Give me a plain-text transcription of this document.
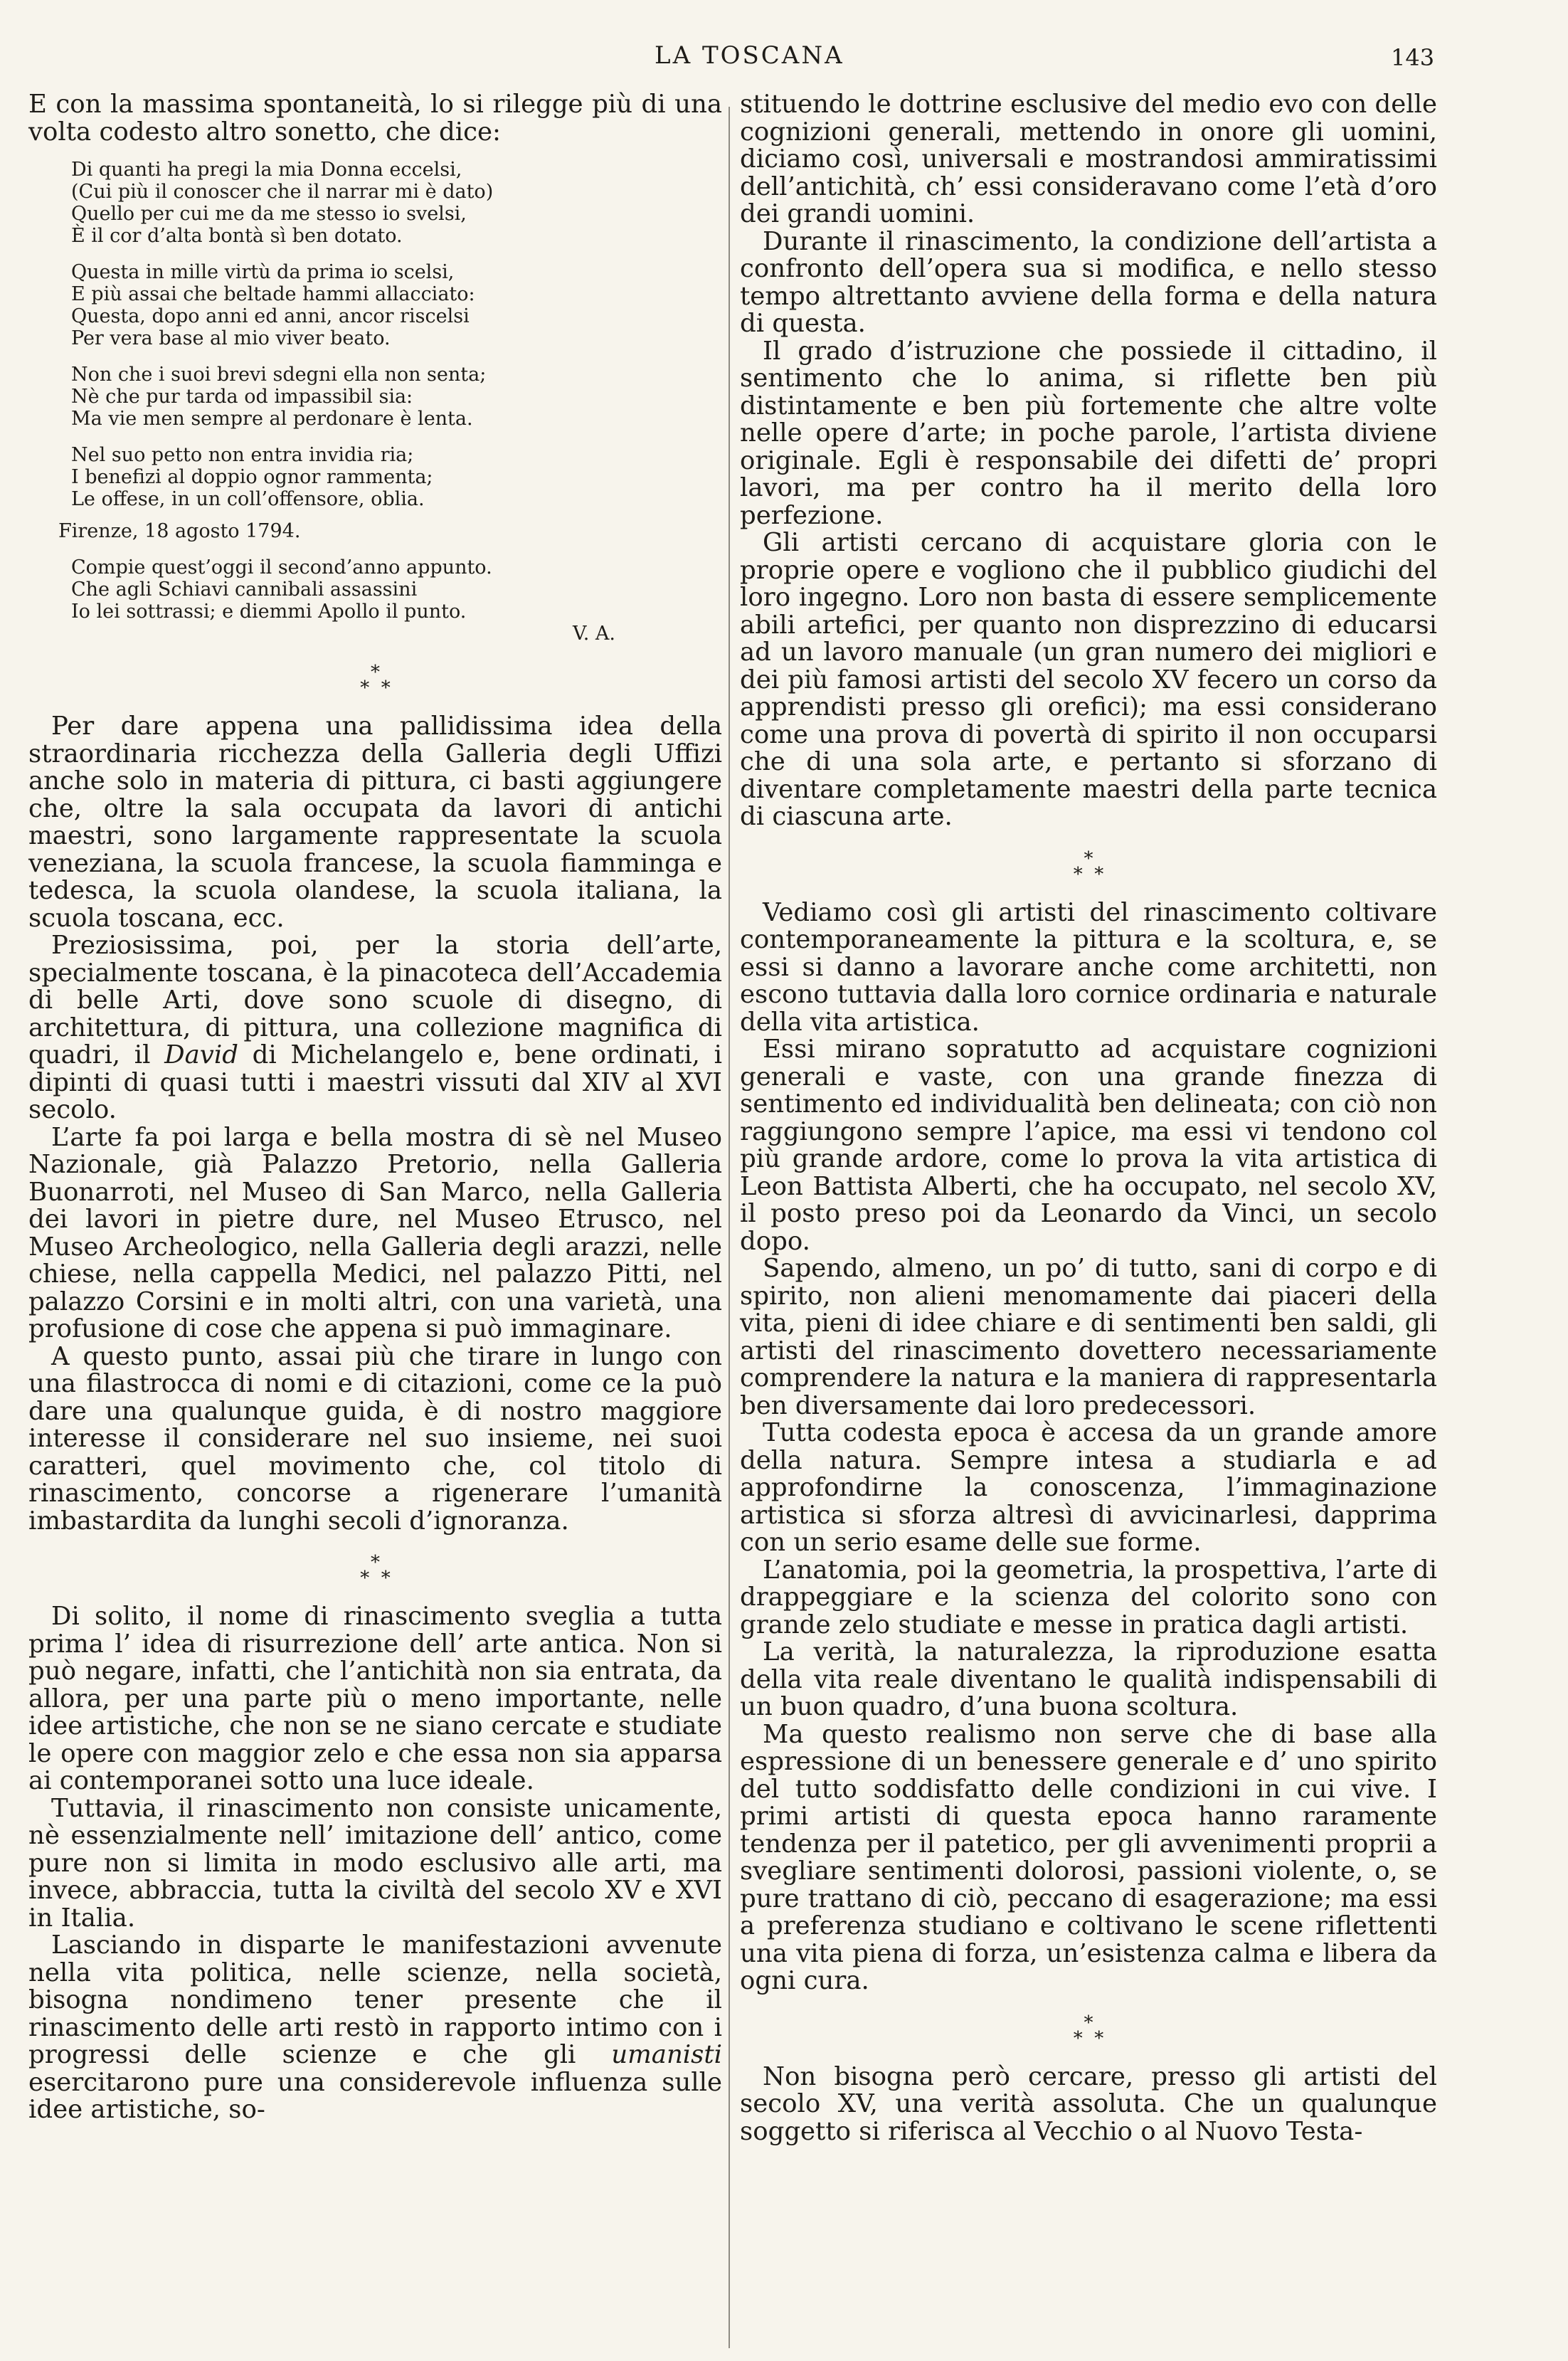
LA TOSCANA	143

E con la massima spontaneità, lo si rilegge più di una volta codesto altro sonetto, che dice:

Di quanti ha pregi la mia Donna eccelsi,
(Cui più il conoscer che il narrar mi è dato)
Quello per cui me da me stesso io svelsi,
È il cor d’alta bontà sì ben dotato.
Questa in mille virtù da prima io scelsi,
E più assai che beltade hammi allacciato:
Questa, dopo anni ed anni, ancor riscelsi
Per vera base al mio viver beato.
Non che i suoi brevi sdegni ella non senta;
Nè che pur tarda od impassibil sia:
Ma vie men sempre al perdonare è lenta.
Nel suo petto non entra invidia ria;
I benefizi al doppio ognor rammenta;
Le offese, in un coll’offensore, oblia.
Firenze, 18 agosto 1794.
Compie quest’oggi il second’anno appunto.
Che agli Schiavi cannibali assassini
Io lei sottrassi; e diemmi Apollo il punto.
V. A.
*
* *

Per dare appena una pallidissima idea della straordinaria ricchezza della Galleria degli Uffizi anche solo in materia di pittura, ci basti aggiungere che, oltre la sala occupata da lavori di antichi maestri, sono largamente rappresentate la scuola veneziana, la scuola francese, la scuola fiamminga e tedesca, la scuola olandese, la scuola italiana, la scuola toscana, ecc.

Preziosissima, poi, per la storia dell’arte, specialmente toscana, è la pinacoteca dell’Accademia di belle Arti, dove sono scuole di disegno, di architettura, di pittura, una collezione magnifica di quadri, il David di Michelangelo e, bene ordinati, i dipinti di quasi tutti i maestri vissuti dal XIV al XVI secolo.

L’arte fa poi larga e bella mostra di sè nel Museo Nazionale, già Palazzo Pretorio, nella Galleria Buonarroti, nel Museo di San Marco, nella Galleria dei lavori in pietre dure, nel Museo Etrusco, nel Museo Archeologico, nella Galleria degli arazzi, nelle chiese, nella cappella Medici, nel palazzo Pitti, nel palazzo Corsini e in molti altri, con una varietà, una profusione di cose che appena si può immaginare.

A questo punto, assai più che tirare in lungo con una filastrocca di nomi e di citazioni, come ce la può dare una qualunque guida, è di nostro maggiore interesse il considerare nel suo insieme, nei suoi caratteri, quel movimento che, col titolo di rinascimento, concorse a rigenerare l’umanità imbastardita da lunghi secoli d’ignoranza.

*
* *

Di solito, il nome di rinascimento sveglia a tutta prima l’ idea di risurrezione dell’ arte antica. Non si può negare, infatti, che l’antichità non sia entrata, da allora, per una parte più o meno importante, nelle idee artistiche, che non se ne siano cercate e studiate le opere con maggior zelo e che essa non sia apparsa ai contemporanei sotto una luce ideale.

Tuttavia, il rinascimento non consiste unicamente, nè essenzialmente nell’ imitazione dell’ antico, come pure non si limita in modo esclusivo alle arti, ma invece, abbraccia, tutta la civiltà del secolo XV e XVI in Italia.

Lasciando in disparte le manifestazioni avvenute nella vita politica, nelle scienze, nella società, bisogna nondimeno tener presente che il rinascimento delle arti restò in rapporto intimo con i progressi delle scienze e che gli umanisti esercitarono pure una considerevole influenza sulle idee artistiche, so-

stituendo le dottrine esclusive del medio evo con delle cognizioni generali, mettendo in onore gli uomini, diciamo così, universali e mostrandosi ammiratissimi dell’antichità, ch’ essi consideravano come l’età d’oro dei grandi uomini.

Durante il rinascimento, la condizione dell’artista a confronto dell’opera sua si modifica, e nello stesso tempo altrettanto avviene della forma e della natura di questa.

Il grado d’istruzione che possiede il cittadino, il sentimento che lo anima, si riflette ben più distintamente e ben più fortemente che altre volte nelle opere d’arte; in poche parole, l’artista diviene originale. Egli è responsabile dei difetti de’ propri lavori, ma per contro ha il merito della loro perfezione.

Gli artisti cercano di acquistare gloria con le proprie opere e vogliono che il pubblico giudichi del loro ingegno. Loro non basta di essere semplicemente abili artefici, per quanto non disprezzino di educarsi ad un lavoro manuale (un gran numero dei migliori e dei più famosi artisti del secolo XV fecero un corso da apprendisti presso gli orefici); ma essi considerano come una prova di povertà di spirito il non occuparsi che di una sola arte, e pertanto si sforzano di diventare completamente maestri della parte tecnica di ciascuna arte.

*
* *

Vediamo così gli artisti del rinascimento coltivare contemporaneamente la pittura e la scoltura, e, se essi si danno a lavorare anche come architetti, non escono tuttavia dalla loro cornice ordinaria e naturale della vita artistica.

Essi mirano sopratutto ad acquistare cognizioni generali e vaste, con una grande finezza di sentimento ed individualità ben delineata; con ciò non raggiungono sempre l’apice, ma essi vi tendono col più grande ardore, come lo prova la vita artistica di Leon Battista Alberti, che ha occupato, nel secolo XV, il posto preso poi da Leonardo da Vinci, un secolo dopo.

Sapendo, almeno, un po’ di tutto, sani di corpo e di spirito, non alieni menomamente dai piaceri della vita, pieni di idee chiare e di sentimenti ben saldi, gli artisti del rinascimento dovettero necessariamente comprendere la natura e la maniera di rappresentarla ben diversamente dai loro predecessori.

Tutta codesta epoca è accesa da un grande amore della natura. Sempre intesa a studiarla e ad approfondirne la conoscenza, l’immaginazione artistica si sforza altresì di avvicinarlesi, dapprima con un serio esame delle sue forme.

L’anatomia, poi la geometria, la prospettiva, l’arte di drappeggiare e la scienza del colorito sono con grande zelo studiate e messe in pratica dagli artisti.

La verità, la naturalezza, la riproduzione esatta della vita reale diventano le qualità indispensabili di un buon quadro, d’una buona scoltura.

Ma questo realismo non serve che di base alla espressione di un benessere generale e d’ uno spirito del tutto soddisfatto delle condizioni in cui vive. I primi artisti di questa epoca hanno raramente tendenza per il patetico, per gli avvenimenti proprii a svegliare sentimenti dolorosi, passioni violente, o, se pure trattano di ciò, peccano di esagerazione; ma essi a preferenza studiano e coltivano le scene riflettenti una vita piena di forza, un’esistenza calma e libera da ogni cura.

*
* *

Non bisogna però cercare, presso gli artisti del secolo XV, una verità assoluta. Che un qualunque soggetto si riferisca al Vecchio o al Nuovo Testa-
